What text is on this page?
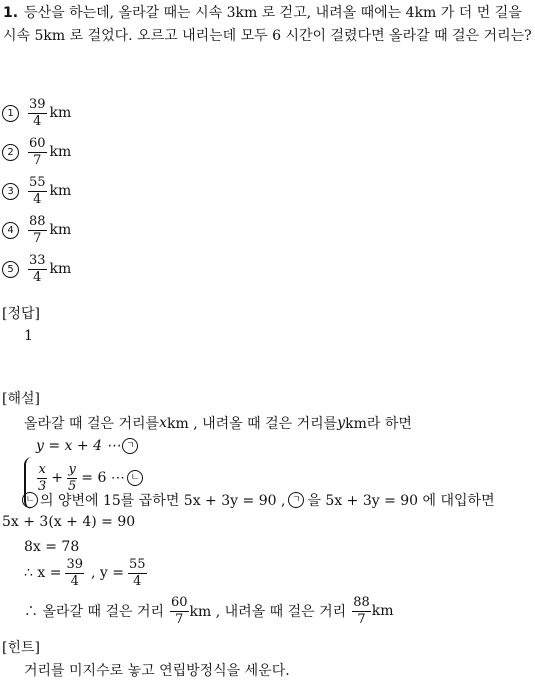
1. 등산을 하는데, 올라갈 때는 시속 3km 로 걷고, 내려올 때에는 4km 가 더 먼 길을 시속 5km 로 걸었다. 오르고 내리는데 모두 6 시간이 걸렸다면 올라갈 때 걸은 거리는?
1	$\frac{39}{4}$ km
2	$\frac{60}{7}$ km
3	$\frac{55}{4}$ km
4	$\frac{88}{7}$ km
5	$\frac{33}{4}$ km
[정답]
1
[해설]
올라갈 때 걸은 거리를 x km , 내려올 때 걸은 거리를 y km라 하면
y = x + 4 ⋯ ㄱ
$\frac{x}{3} + \frac{y}{5} = 6$ ⋯ ㄴ
ㄴ 의 양변에 15를 곱하면 5x + 3y = 90 , ㄱ 을 5x + 3y = 90 에 대입하면
5x + 3(x + 4) = 90
8x = 78
∴ $x = \frac{39}{4}$ , $y = \frac{55}{4}$
∴ 올라갈 때 걸은 거리 $\frac{60}{7}$ km , 내려올 때 걸은 거리 $\frac{88}{7}$ km
[힌트]
거리를 미지수로 놓고 연립방정식을 세운다.
